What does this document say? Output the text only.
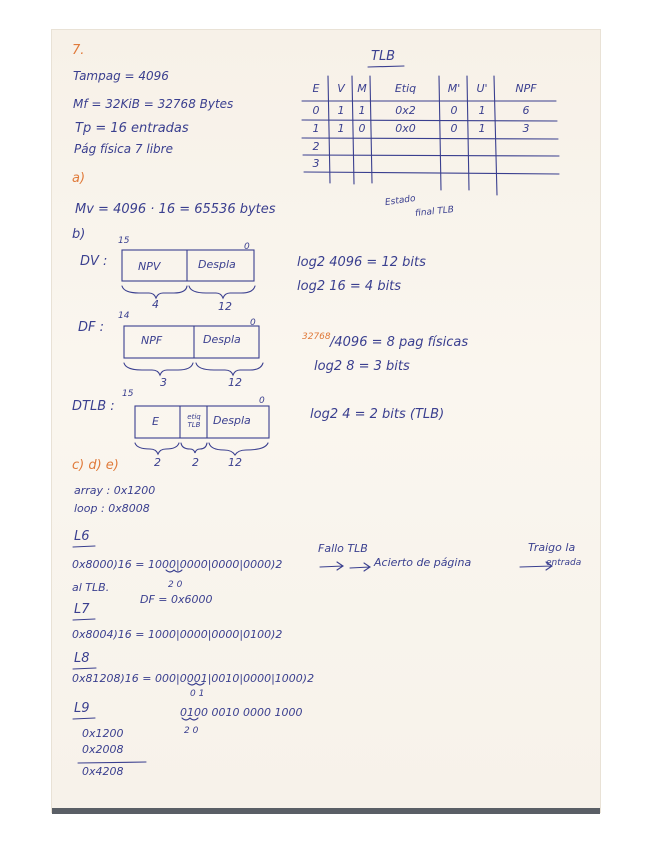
7.
Tampag = 4096
Mf = 32KiB = 32768 Bytes
Tp = 16 entradas
Pág física 7 libre
TLB
E	V	M	Etiq	M'	U'	NPF
0	1	1	0x2	0	1	6
1	1	0	0x0	0	1	3
2
3
Estado
final TLB
a)
Mv = 4096 · 16 = 65536 bytes
b)	15
0
DV :	NPV	Despla
4	12
log2 4096 = 12 bits
log2 16 = 4 bits
14
0
DF :
NPF	Despla
3	12
32768 /4096 = 8 pag físicas
log2 8 = 3 bits
15
0
DTLB :
E	etiq TLB	Despla
2	2	12
log2 4 = 2 bits (TLB)
c) d) e)
array : 0x1200
loop : 0x8008
L6
0x8000)16 = 1000|0000|0000|0000)2
2 0
Fallo TLB
Acierto de página
Traigo la
entrada
al TLB.
DF = 0x6000
L7
0x8004)16 = 1000|0000|0000|0100)2
L8
0x81208)16 = 000|0001|0010|0000|1000)2
0 1
L9	0100 0010 0000 1000
2 0
0x1200
0x2008
0x4208
